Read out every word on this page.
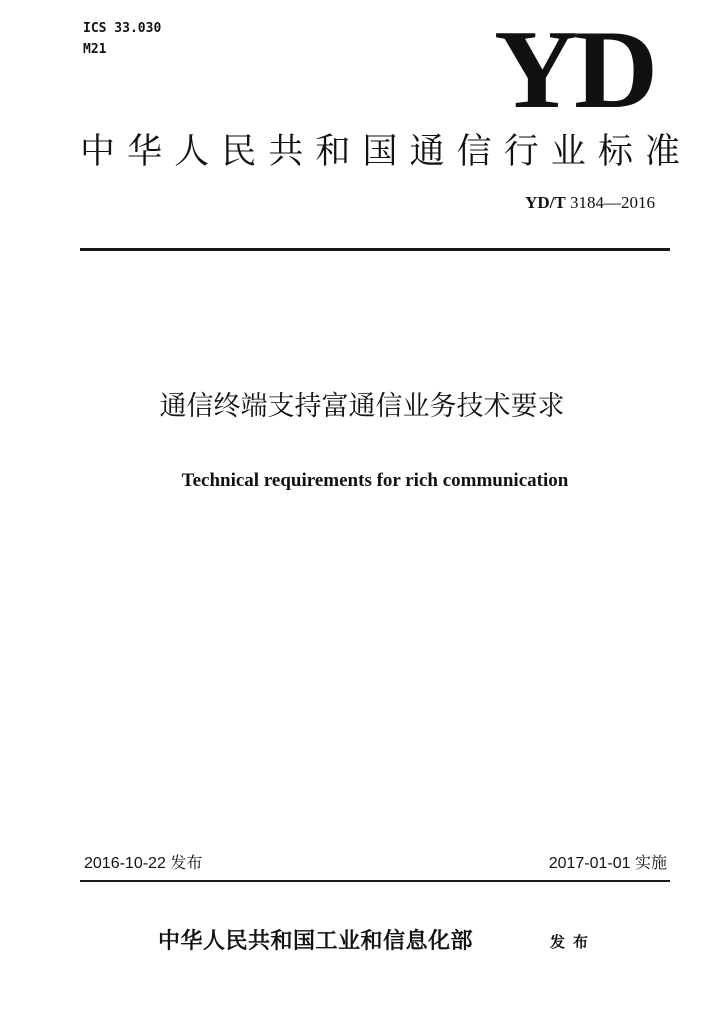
ICS 33.030
M21	YD
中 华 人 民 共 和 国 通 信 行 业 标 准
YD/T 3184—2016
通信终端支持富通信业务技术要求
Technical requirements for rich communication
2016-10-22 发布	2017-01-01 实施
中华人民共和国工业和信息化部	发布
